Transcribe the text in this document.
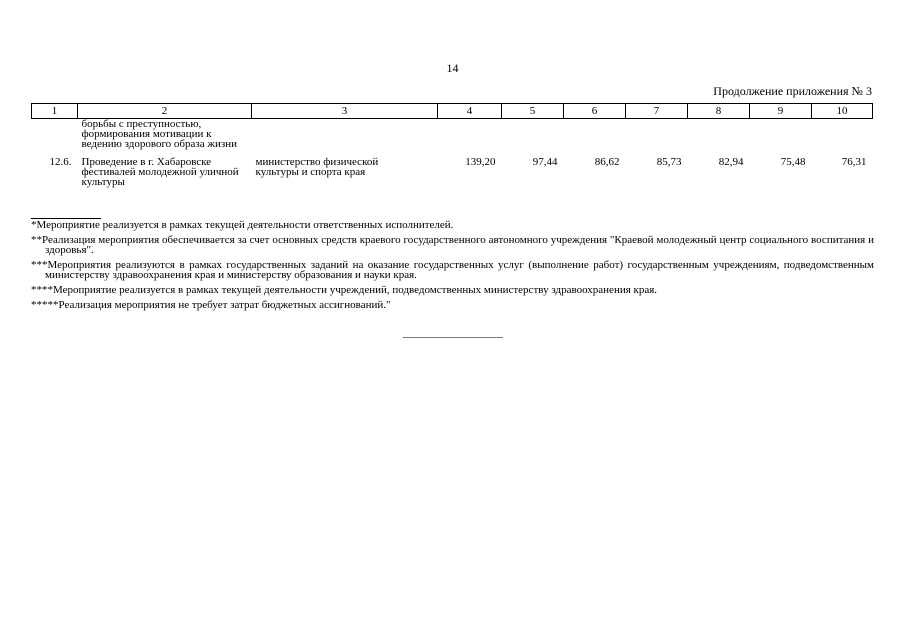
14
Продолжение приложения № 3
1	2	3	4	5	6	7	8	9	10
	борьбы с преступностью, формирования мотивации к ведению здорового образа жизни								
12.6.	Проведение в г. Хабаровске фестивалей молодежной уличной культуры	министерство физической культуры и спорта края	139,20	97,44	86,62	85,73	82,94	75,48	76,31
*Мероприятие реализуется в рамках текущей деятельности ответственных исполнителей.
**Реализация мероприятия обеспечивается за счет основных средств краевого государственного автономного учреждения "Краевой молодежный центр социального воспитания и здоровья".
***Мероприятия реализуются в рамках государственных заданий на оказание государственных услуг (выполнение работ) государственным учреждениям, подведомственным министерству здравоохранения края и министерству образования и науки края.
****Мероприятие реализуется в рамках текущей деятельности учреждений, подведомственных министерству здравоохранения края.
*****Реализация мероприятия не требует затрат бюджетных ассигнований."
